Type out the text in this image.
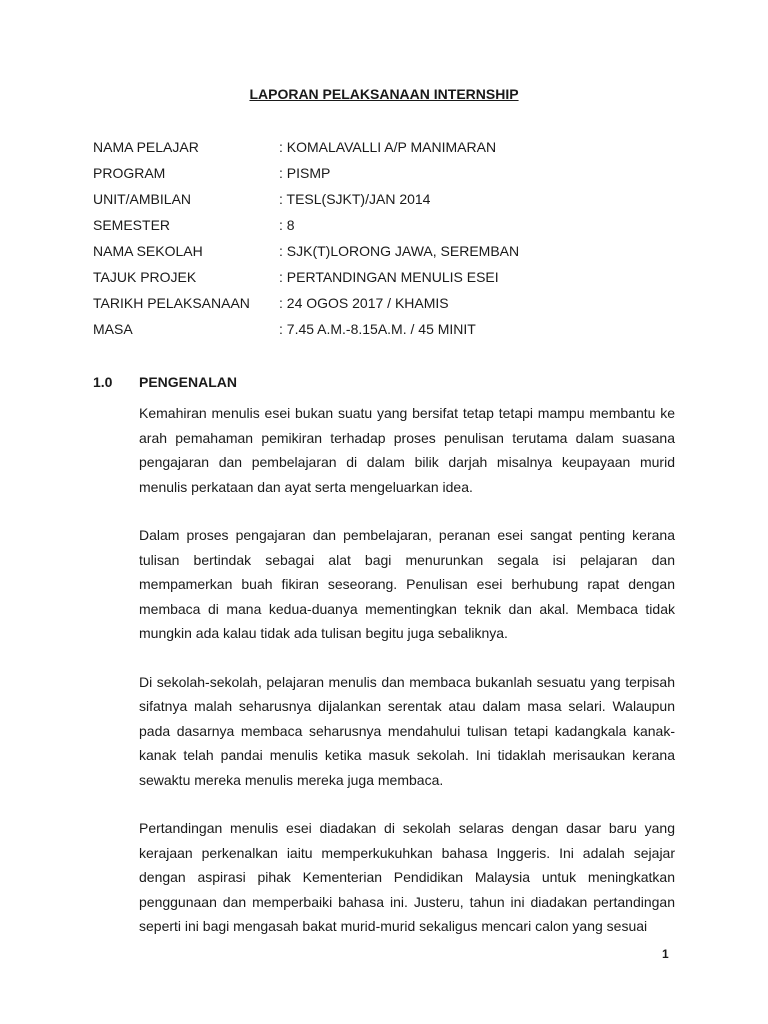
LAPORAN PELAKSANAAN INTERNSHIP
NAMA PELAJAR	: KOMALAVALLI A/P MANIMARAN
PROGRAM	: PISMP
UNIT/AMBILAN	: TESL(SJKT)/JAN 2014
SEMESTER	: 8
NAMA SEKOLAH	: SJK(T)LORONG JAWA, SEREMBAN
TAJUK PROJEK	: PERTANDINGAN MENULIS ESEI
TARIKH PELAKSANAAN	: 24 OGOS 2017 / KHAMIS
MASA	: 7.45 A.M.-8.15A.M. / 45 MINIT
1.0	PENGENALAN

Kemahiran menulis esei bukan suatu yang bersifat tetap tetapi mampu membantu ke arah pemahaman pemikiran terhadap proses penulisan terutama dalam suasana pengajaran dan pembelajaran di dalam bilik darjah misalnya keupayaan murid menulis perkataan dan ayat serta mengeluarkan idea.

Dalam proses pengajaran dan pembelajaran, peranan esei sangat penting kerana tulisan bertindak sebagai alat bagi menurunkan segala isi pelajaran dan mempamerkan buah fikiran seseorang. Penulisan esei berhubung rapat dengan membaca di mana kedua-duanya mementingkan teknik dan akal. Membaca tidak mungkin ada kalau tidak ada tulisan begitu juga sebaliknya.

Di sekolah-sekolah, pelajaran menulis dan membaca bukanlah sesuatu yang terpisah sifatnya malah seharusnya dijalankan serentak atau dalam masa selari. Walaupun pada dasarnya membaca seharusnya mendahului tulisan tetapi kadangkala kanak-kanak telah pandai menulis ketika masuk sekolah. Ini tidaklah merisaukan kerana sewaktu mereka menulis mereka juga membaca.

Pertandingan menulis esei diadakan di sekolah selaras dengan dasar baru yang kerajaan perkenalkan iaitu memperkukuhkan bahasa Inggeris. Ini adalah sejajar dengan aspirasi pihak Kementerian Pendidikan Malaysia untuk meningkatkan penggunaan dan memperbaiki bahasa ini. Justeru, tahun ini diadakan pertandingan seperti ini bagi mengasah bakat murid-murid sekaligus mencari calon yang sesuai

1
